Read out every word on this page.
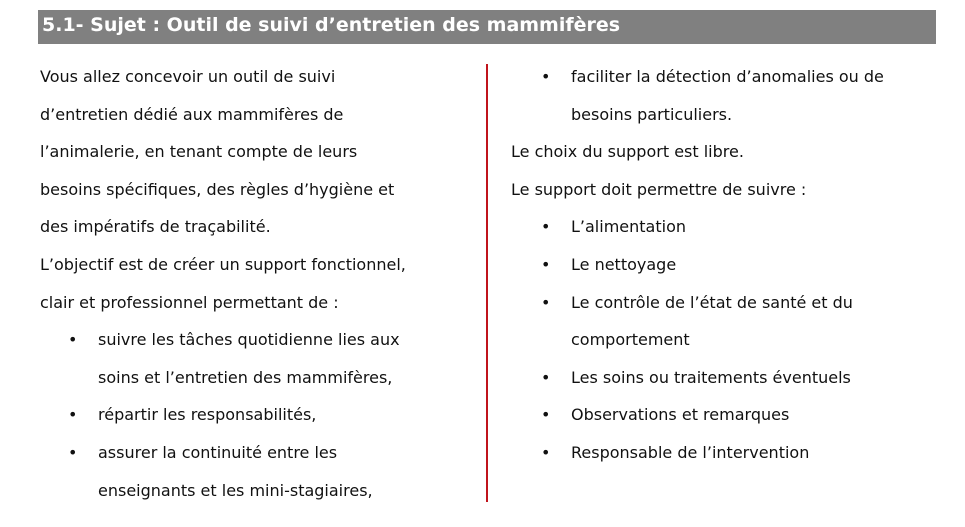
5.1- Sujet : Outil de suivi d’entretien des mammifères
Vous allez concevoir un outil de suivi
d’entretien dédié aux mammifères de
l’animalerie, en tenant compte de leurs
besoins spécifiques, des règles d’hygiène et
des impératifs de traçabilité.
L’objectif est de créer un support fonctionnel,
clair et professionnel permettant de :
suivre les tâches quotidienne lies aux
•
soins et l’entretien des mammifères,
répartir les responsabilités,
•
assurer la continuité entre les
•
enseignants et les mini-stagiaires,
faciliter la détection d’anomalies ou de
•
besoins particuliers.
Le choix du support est libre.
Le support doit permettre de suivre :
L’alimentation
•
Le nettoyage
•
Le contrôle de l’état de santé et du
•
comportement
Les soins ou traitements éventuels
•
Observations et remarques
•
Responsable de l’intervention
•
